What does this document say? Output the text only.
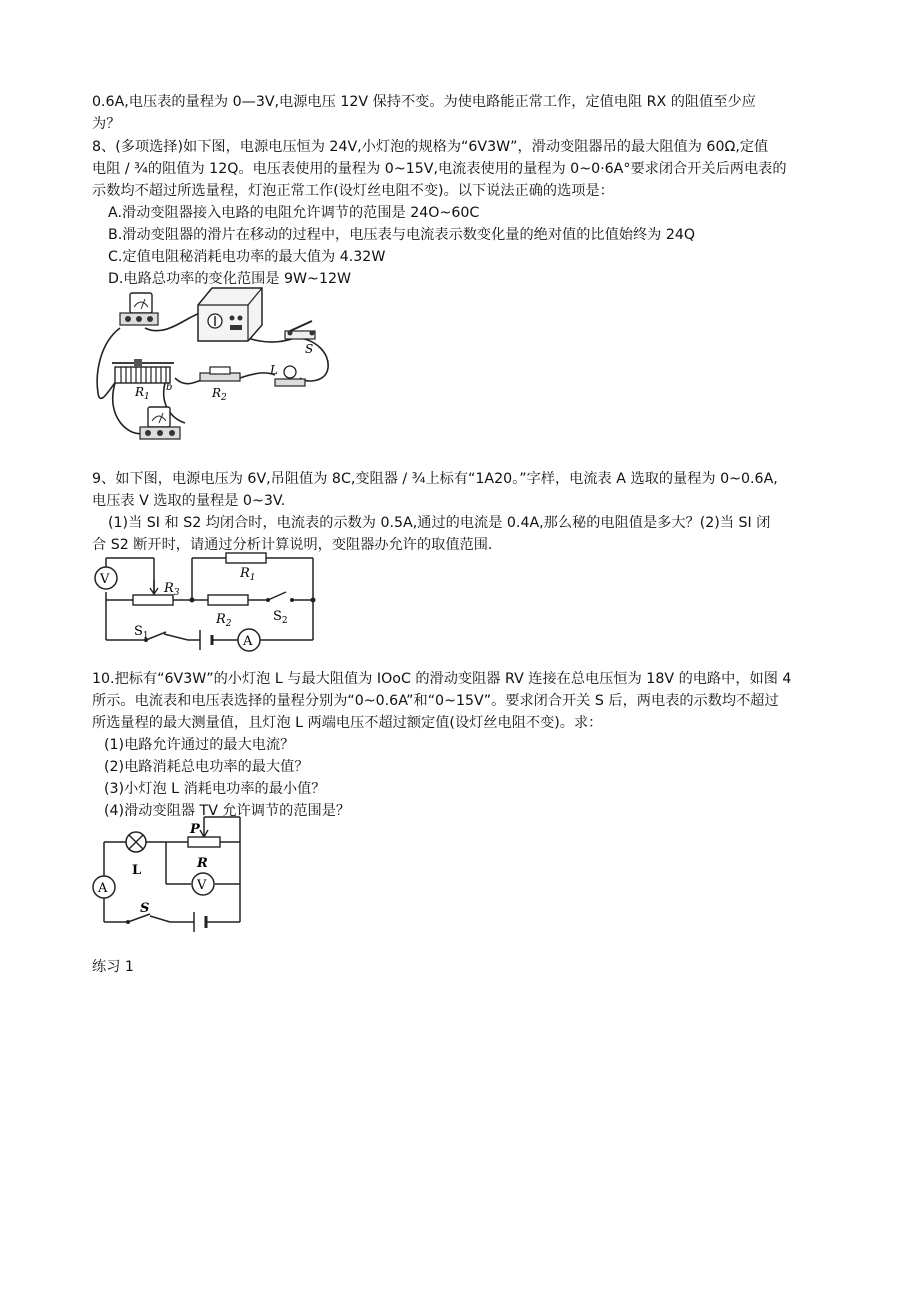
0.6A,电压表的量程为 0—3V,电源电压 12V 保持不变。为使电路能正常工作，定值电阻 RX 的阻值至少应
为？
8、(多项选择)如下图，电源电压恒为 24V,小灯泡的规格为“6V3W”，滑动变阻器吊的最大阻值为 60Ω,定值
电阻 / ¾的阻值为 12Q。电压表使用的量程为 0~15V,电流表使用的量程为 0~0·6A°要求闭合开关后两电表的
示数均不超过所选量程，灯泡正常工作(设灯丝电阻不变)。以下说法正确的选项是：
A.滑动变阻器接入电路的电阻允许调节的范围是 24O~60C
B.滑动变阻器的滑片在移动的过程中，电压表与电流表示数变化量的绝对值的比值始终为 24Q
C.定值电阻秘消耗电功率的最大值为 4.32W
D.电路总功率的变化范围是 9W~12W
S
$R_1$
b	$R_2$
L
9、如下图，电源电压为 6V,吊阻值为 8C,变阻器 / ¾上标有“1A20。”字样，电流表 A 选取的量程为 0~0.6A,
电压表 V 选取的量程是 0~3V.
(1)当 SI 和 S2 均闭合时，电流表的示数为 0.5A,通过的电流是 0.4A,那么秘的电阻值是多大？(2)当 SI 闭
合 S2 断开时，请通过分析计算说明，变阻器办允许的取值范围.
V
A
$R_1$
$R_3$
$R_2$	$S_2$
$S_1$
10.把标有“6V3W”的小灯泡 L 与最大阻值为 IOoC 的滑动变阻器 RV 连接在总电压恒为 18V 的电路中，如图 4
所示。电流表和电压表选择的量程分别为“0~0.6A”和“0~15V”。要求闭合开关 S 后，两电表的示数均不超过
所选量程的最大测量值，且灯泡 L 两端电压不超过额定值(设灯丝电阻不变)。求：
(1)电路允许通过的最大电流？
(2)电路消耗总电功率的最大值？
(3)小灯泡 L 消耗电功率的最小值？
(4)滑动变阻器 TV 允许调节的范围是？
L
P
R
V
A
S
练习 1
